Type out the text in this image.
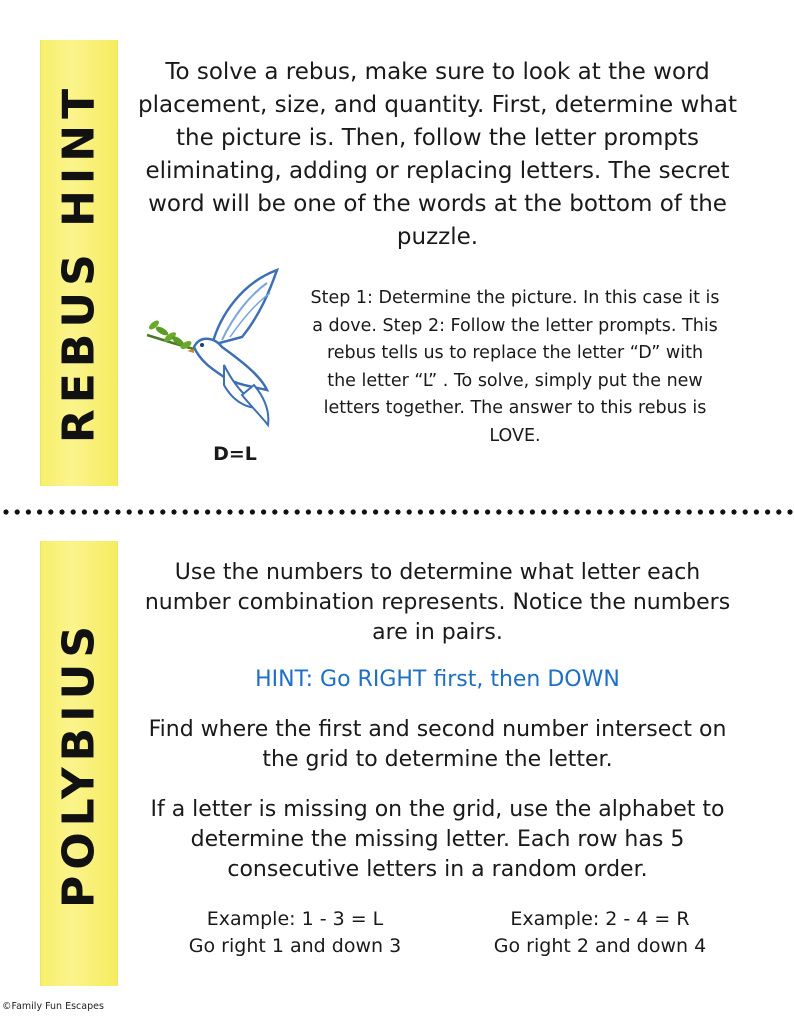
REBUS HINT
To solve a rebus, make sure to look at the word placement, size, and quantity. First, determine what the picture is. Then, follow the letter prompts eliminating, adding or replacing letters. The secret word will be one of the words at the bottom of the puzzle.
D=L
Step 1: Determine the picture. In this case it is a dove. Step 2: Follow the letter prompts. This rebus tells us to replace the letter “D” with the letter “L” . To solve, simply put the new letters together. The answer to this rebus is LOVE.
POLYBIUS
Use the numbers to determine what letter each number combination represents. Notice the numbers are in pairs.
HINT: Go RIGHT first, then DOWN
Find where the first and second number intersect on the grid to determine the letter.
If a letter is missing on the grid, use the alphabet to determine the missing letter. Each row has 5 consecutive letters in a random order.
Example: 1 - 3 = L
Go right 1 and down 3
Example: 2 - 4 = R
Go right 2 and down 4
©Family Fun Escapes
